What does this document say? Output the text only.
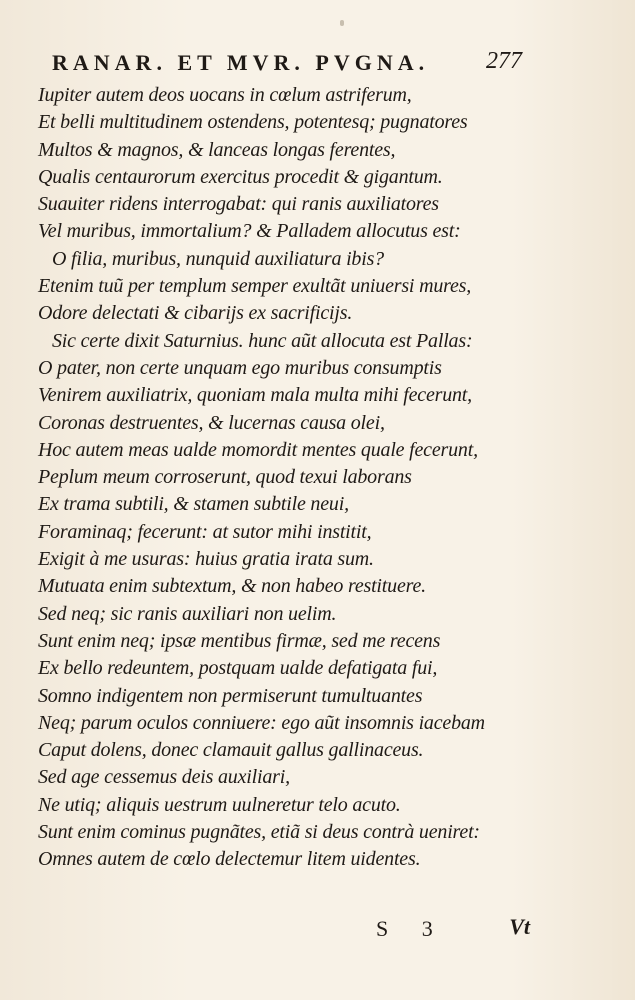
RANAR. ET MVR. PVGNA. 277
Iupiter autem deos uocans in cœlum astriferum,
Et belli multitudinem ostendens, potentesq; pugnatores
Multos & magnos, & lanceas longas ferentes,
Qualis centaurorum exercitus procedit & gigantum.
Suauiter ridens interrogabat: qui ranis auxiliatores
Vel muribus, immortalium? & Palladem allocutus est:
O filia, muribus, nunquid auxiliatura ibis?
Etenim tuũ per templum semper exultãt uniuersi mures,
Odore delectati & cibarijs ex sacrificijs.
Sic certe dixit Saturnius. hunc aũt allocuta est Pallas:
O pater, non certe unquam ego muribus consumptis
Venirem auxiliatrix, quoniam mala multa mihi fecerunt,
Coronas destruentes, & lucernas causa olei,
Hoc autem meas ualde momordit mentes quale fecerunt,
Peplum meum corroserunt, quod texui laborans
Ex trama subtili, & stamen subtile neui,
Foraminaq; fecerunt: at sutor mihi institit,
Exigit à me usuras: huius gratia irata sum.
Mutuata enim subtextum, & non habeo restituere.
Sed neq; sic ranis auxiliari non uelim.
Sunt enim neq; ipsæ mentibus firmæ, sed me recens
Ex bello redeuntem, postquam ualde defatigata fui,
Somno indigentem non permiserunt tumultuantes
Neq; parum oculos conniuere: ego aũt insomnis iacebam
Caput dolens, donec clamauit gallus gallinaceus.
Sed age cessemus deis auxiliari,
Ne utiq; aliquis uestrum uulneretur telo acuto.
Sunt enim cominus pugnãtes, etiã si deus contrà ueniret:
Omnes autem de cœlo delectemur litem uidentes.
S 3	Vt
